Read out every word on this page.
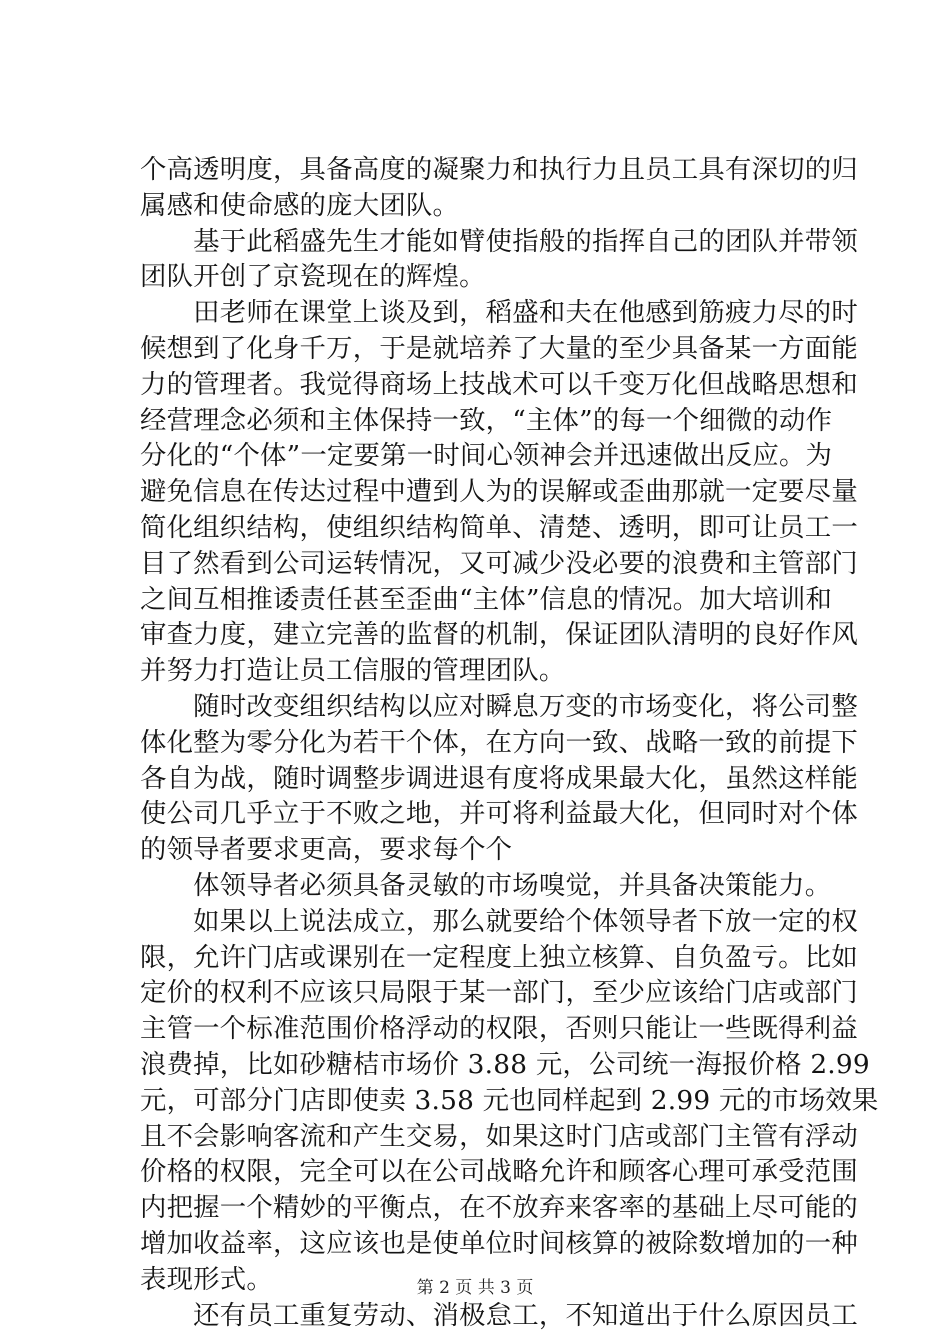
个高透明度，具备高度的凝聚力和执行力且员工具有深切的归
属感和使命感的庞大团队。
　　基于此稻盛先生才能如臂使指般的指挥自己的团队并带领
团队开创了京瓷现在的辉煌。
　　田老师在课堂上谈及到，稻盛和夫在他感到筋疲力尽的时
候想到了化身千万，于是就培养了大量的至少具备某一方面能
力的管理者。我觉得商场上技战术可以千变万化但战略思想和
经营理念必须和主体保持一致，“主体”的每一个细微的动作
分化的“个体”一定要第一时间心领神会并迅速做出反应。为
避免信息在传达过程中遭到人为的误解或歪曲那就一定要尽量
简化组织结构，使组织结构简单、清楚、透明，即可让员工一
目了然看到公司运转情况，又可减少没必要的浪费和主管部门
之间互相推诿责任甚至歪曲“主体”信息的情况。加大培训和
审查力度，建立完善的监督的机制，保证团队清明的良好作风
并努力打造让员工信服的管理团队。
　　随时改变组织结构以应对瞬息万变的市场变化，将公司整
体化整为零分化为若干个体，在方向一致、战略一致的前提下
各自为战，随时调整步调进退有度将成果最大化，虽然这样能
使公司几乎立于不败之地，并可将利益最大化，但同时对个体
的领导者要求更高，要求每个个
　　体领导者必须具备灵敏的市场嗅觉，并具备决策能力。
　　如果以上说法成立，那么就要给个体领导者下放一定的权
限，允许门店或课别在一定程度上独立核算、自负盈亏。比如
定价的权利不应该只局限于某一部门，至少应该给门店或部门
主管一个标准范围价格浮动的权限，否则只能让一些既得利益
浪费掉，比如砂糖桔市场价 3.88 元，公司统一海报价格 2.99
元，可部分门店即使卖 3.58 元也同样起到 2.99 元的市场效果
且不会影响客流和产生交易，如果这时门店或部门主管有浮动
价格的权限，完全可以在公司战略允许和顾客心理可承受范围
内把握一个精妙的平衡点，在不放弃来客率的基础上尽可能的
增加收益率，这应该也是使单位时间核算的被除数增加的一种
表现形式。
　　还有员工重复劳动、消极怠工，不知道出于什么原因员工
第 2 页 共 3 页
